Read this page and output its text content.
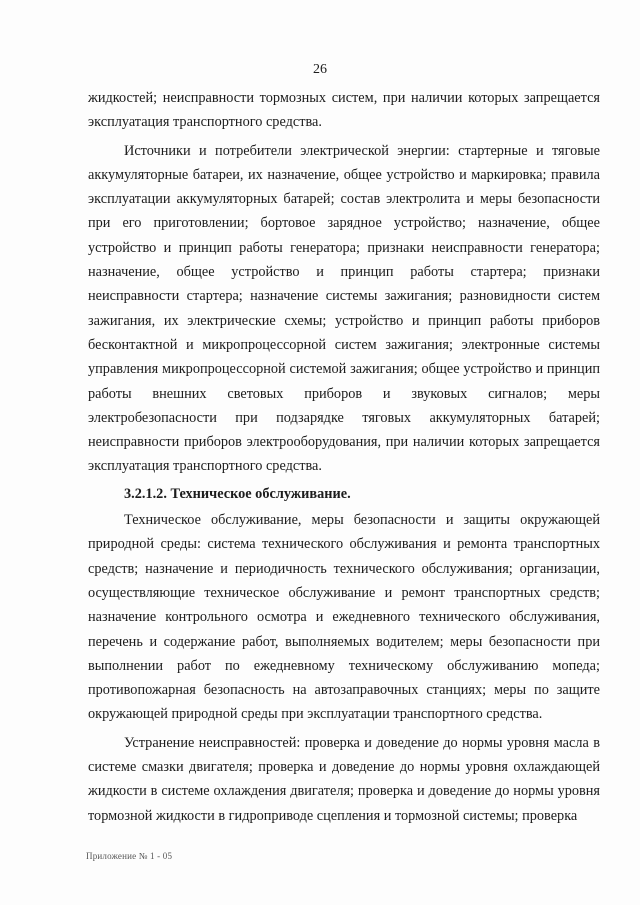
26

жидкостей; неисправности тормозных систем, при наличии которых запрещается эксплуатация транспортного средства.

Источники и потребители электрической энергии: стартерные и тяговые аккумуляторные батареи, их назначение, общее устройство и маркировка; правила эксплуатации аккумуляторных батарей; состав электролита и меры безопасности при его приготовлении; бортовое зарядное устройство; назначение, общее устройство и принцип работы генератора; признаки неисправности генератора; назначение, общее устройство и принцип работы стартера; признаки неисправности стартера; назначение системы зажигания; разновидности систем зажигания, их электрические схемы; устройство и принцип работы приборов бесконтактной и микропроцессорной систем зажигания; электронные системы управления микропроцессорной системой зажигания; общее устройство и принцип работы внешних световых приборов и звуковых сигналов; меры электробезопасности при подзарядке тяговых аккумуляторных батарей; неисправности приборов электрооборудования, при наличии которых запрещается эксплуатация транспортного средства.

3.2.1.2. Техническое обслуживание.

Техническое обслуживание, меры безопасности и защиты окружающей природной среды: система технического обслуживания и ремонта транспортных средств; назначение и периодичность технического обслуживания; организации, осуществляющие техническое обслуживание и ремонт транспортных средств; назначение контрольного осмотра и ежедневного технического обслуживания, перечень и содержание работ, выполняемых водителем; меры безопасности при выполнении работ по ежедневному техническому обслуживанию мопеда; противопожарная безопасность на автозаправочных станциях; меры по защите окружающей природной среды при эксплуатации транспортного средства.

Устранение неисправностей: проверка и доведение до нормы уровня масла в системе смазки двигателя; проверка и доведение до нормы уровня охлаждающей жидкости в системе охлаждения двигателя; проверка и доведение до нормы уровня тормозной жидкости в гидроприводе сцепления и тормозной системы; проверка

Приложение № 1 - 05
